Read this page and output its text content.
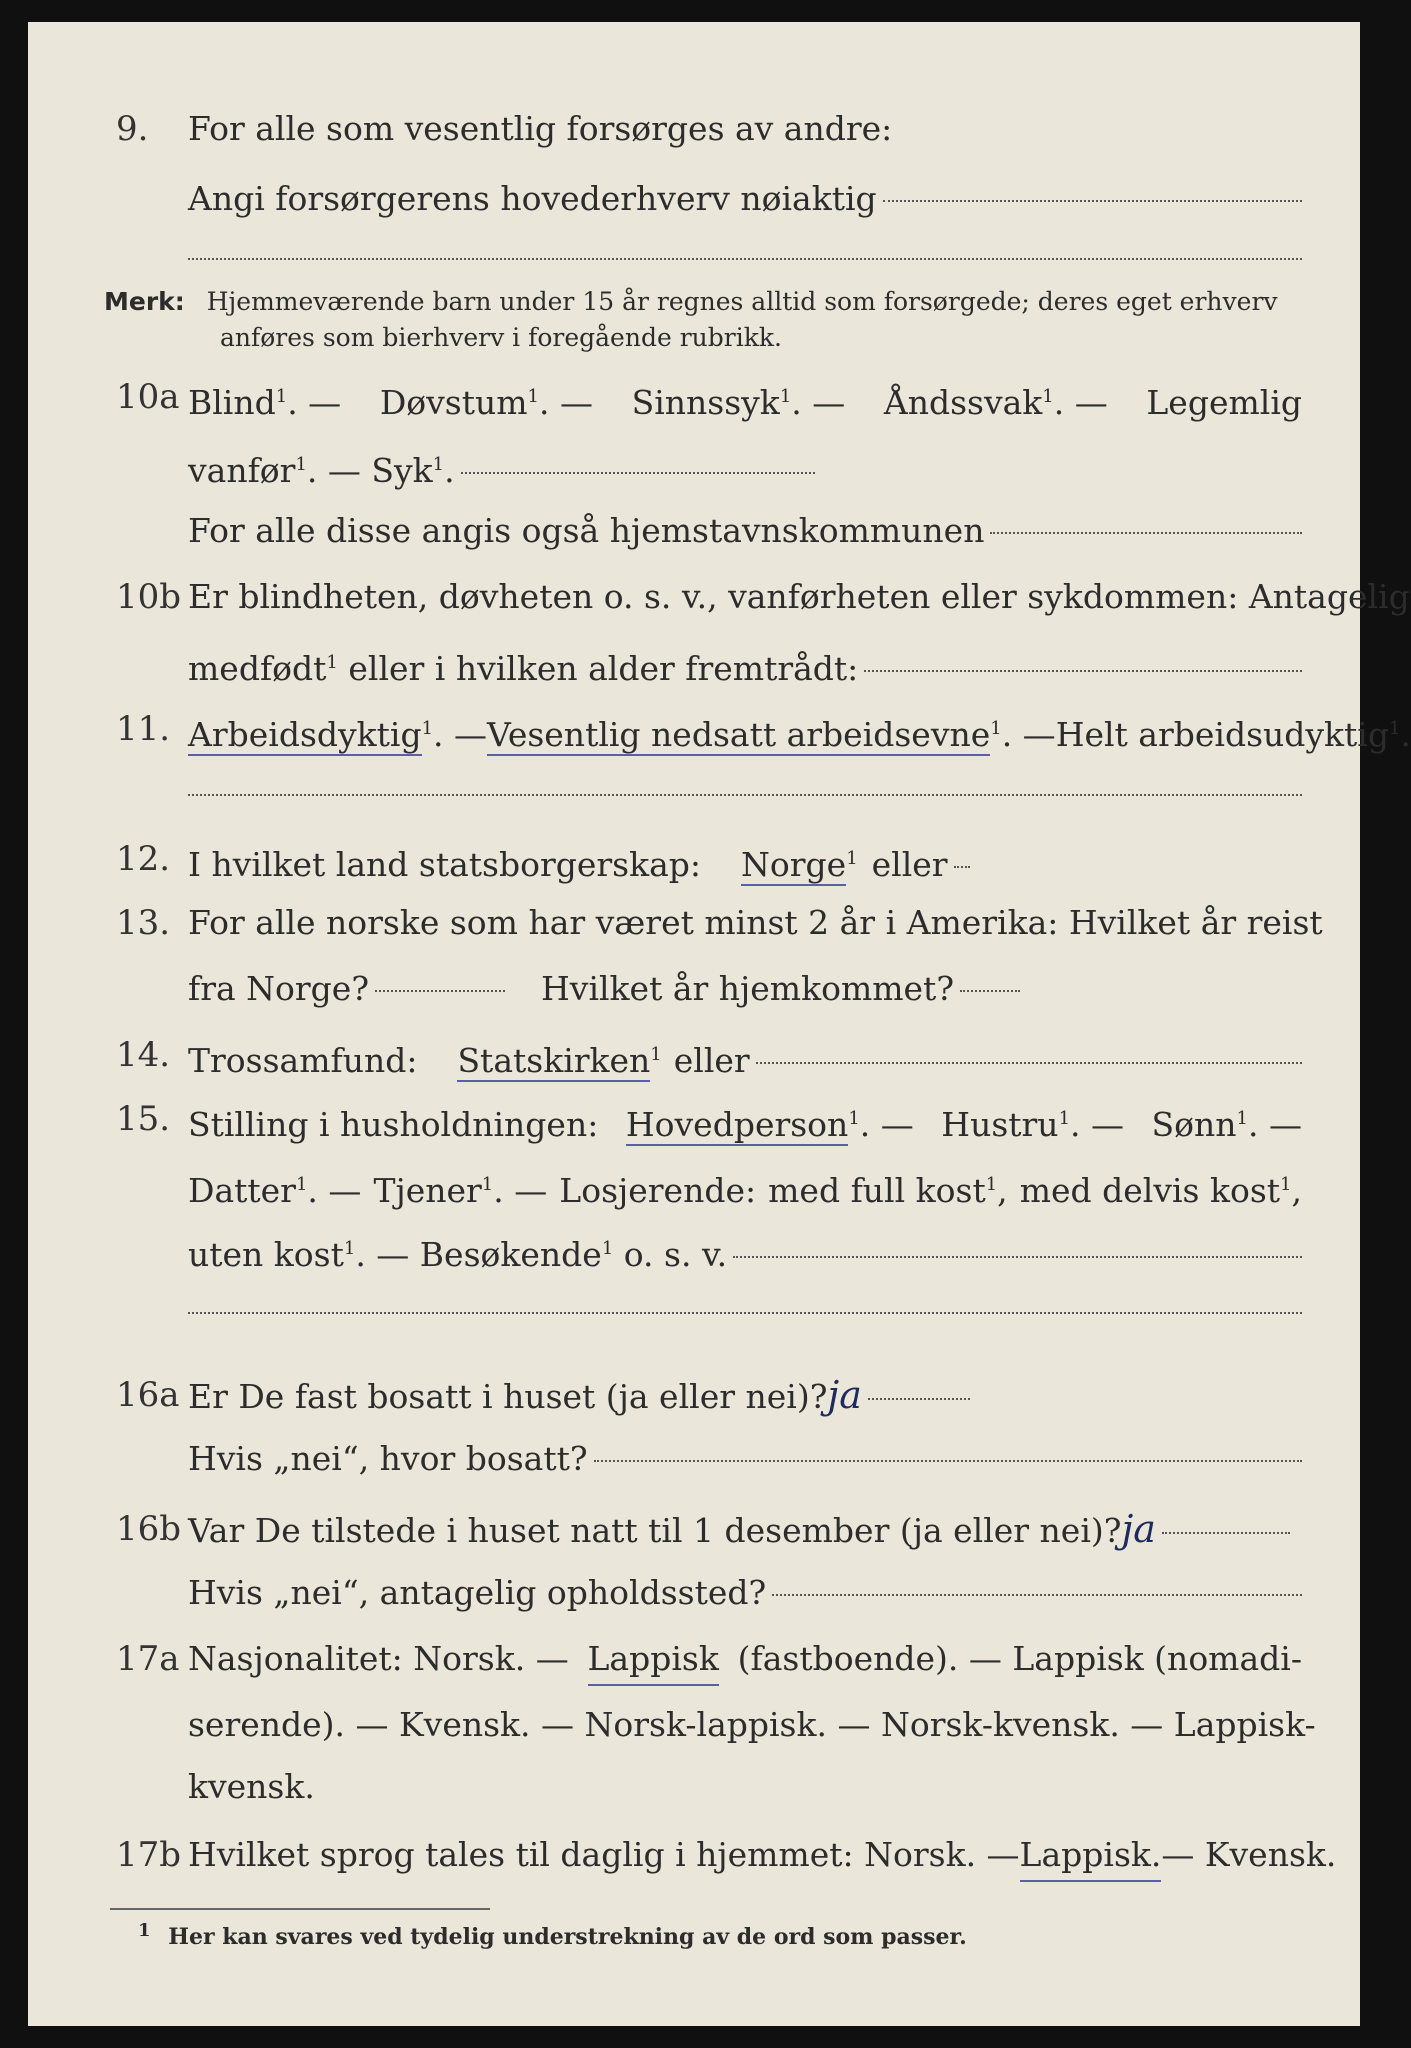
9. For alle som vesentlig forsørges av andre:
Angi forsørgerens hovederhverv nøiaktig
Merk: Hjemmeværende barn under 15 år regnes alltid som forsørgede; deres eget erhverv
anføres som bierhverv i foregående rubrikk.
10a Blind$^1$. — Døvstum$^1$. — Sinnssyk$^1$. — Åndssvak$^1$. — Legemlig
vanfør$^1$. — Syk$^1$.
For alle disse angis også hjemstavnskommunen
10b Er blindheten, døvheten o. s. v., vanførheten eller sykdommen: Antagelig
medfødt$^1$ eller i hvilken alder fremtrådt:
11. Arbeidsdyktig$^1$. — Vesentlig nedsatt arbeidsevne$^1$. — Helt arbeidsudyktig$^1$.
12. I hvilket land statsborgerskap: Norge$^1$ eller
13. For alle norske som har været minst 2 år i Amerika: Hvilket år reist
fra Norge?	Hvilket år hjemkommet?
14. Trossamfund: Statskirken$^1$ eller
15. Stilling i husholdningen: Hovedperson$^1$. — Hustru$^1$. — Sønn$^1$. —
Datter$^1$. — Tjener$^1$. — Losjerende: med full kost$^1$, med delvis kost$^1$,
uten kost$^1$. — Besøkende$^1$ o. s. v.
16a Er De fast bosatt i huset (ja eller nei)? ja
Hvis „nei“, hvor bosatt?
16b Var De tilstede i huset natt til 1 desember (ja eller nei)? ja
Hvis „nei“, antagelig opholdssted?
17a Nasjonalitet: Norsk. — Lappisk (fastboende). — Lappisk (nomadi-
serende). — Kvensk. — Norsk-lappisk. — Norsk-kvensk. — Lappisk-
kvensk.
17b Hvilket sprog tales til daglig i hjemmet: Norsk. — Lappisk. — Kvensk.
$^1$ Her kan svares ved tydelig understrekning av de ord som passer.
